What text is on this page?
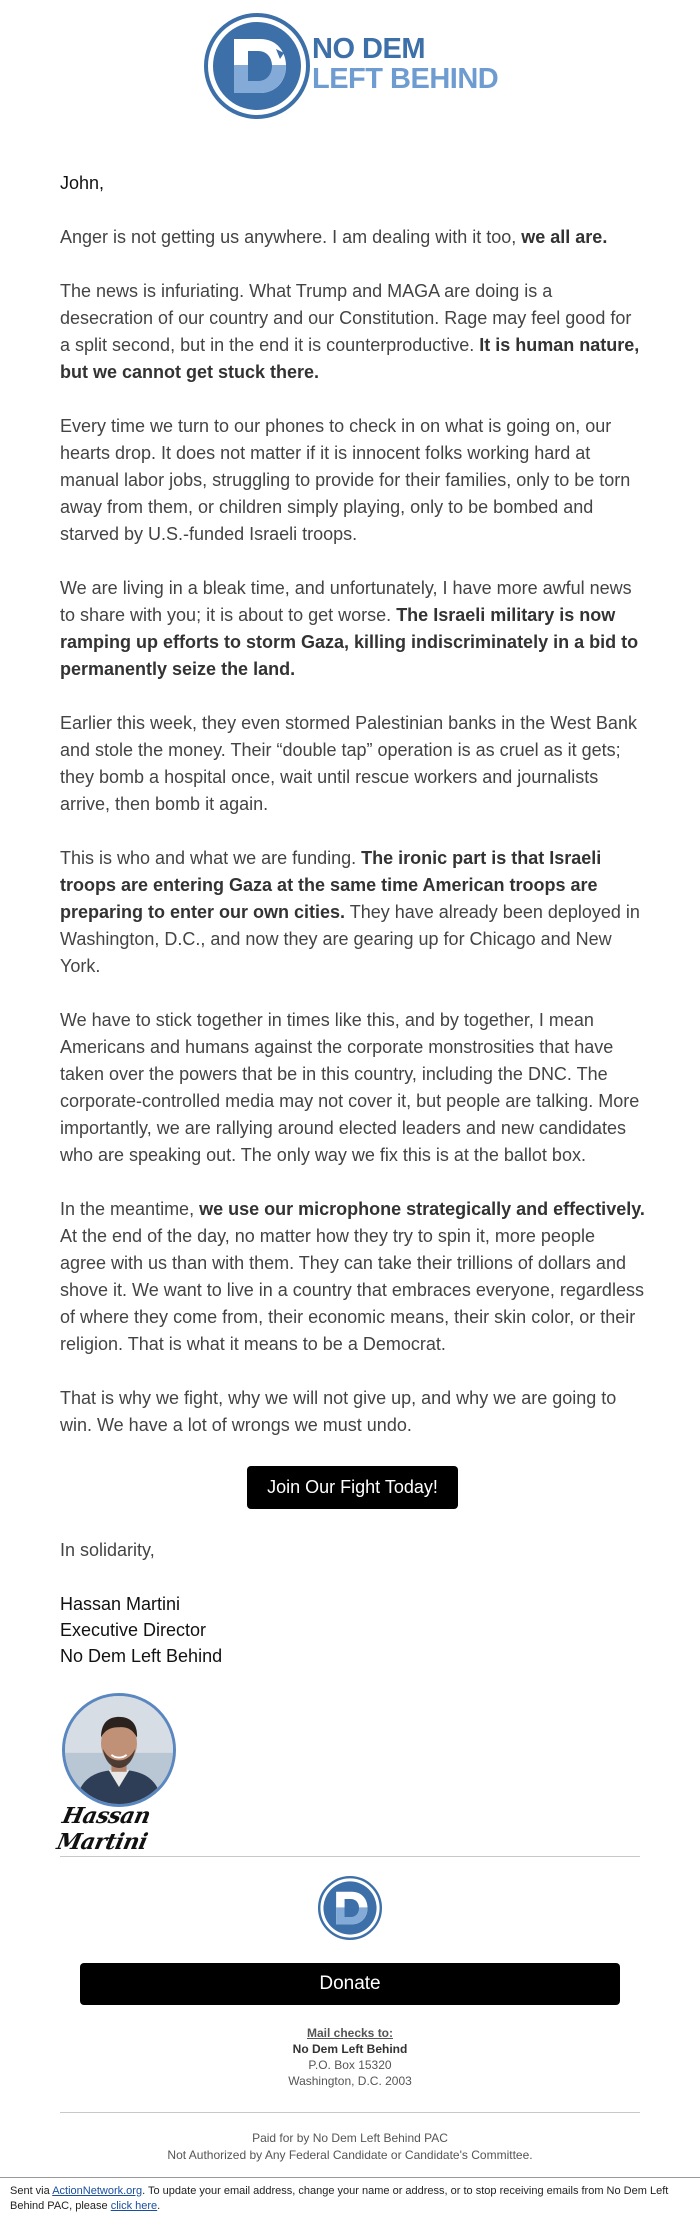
NO DEM
LEFT BEHIND

John,

Anger is not getting us anywhere. I am dealing with it too, we all are.

The news is infuriating. What Trump and MAGA are doing is a desecration of our country and our Constitution. Rage may feel good for a split second, but in the end it is counterproductive. It is human nature, but we cannot get stuck there.

Every time we turn to our phones to check in on what is going on, our hearts drop. It does not matter if it is innocent folks working hard at manual labor jobs, struggling to provide for their families, only to be torn away from them, or children simply playing, only to be bombed and starved by U.S.-funded Israeli troops.

We are living in a bleak time, and unfortunately, I have more awful news to share with you; it is about to get worse. The Israeli military is now ramping up efforts to storm Gaza, killing indiscriminately in a bid to permanently seize the land.

Earlier this week, they even stormed Palestinian banks in the West Bank and stole the money. Their “double tap” operation is as cruel as it gets; they bomb a hospital once, wait until rescue workers and journalists arrive, then bomb it again.

This is who and what we are funding. The ironic part is that Israeli troops are entering Gaza at the same time American troops are preparing to enter our own cities. They have already been deployed in Washington, D.C., and now they are gearing up for Chicago and New York.

We have to stick together in times like this, and by together, I mean Americans and humans against the corporate monstrosities that have taken over the powers that be in this country, including the DNC. The corporate-controlled media may not cover it, but people are talking. More importantly, we are rallying around elected leaders and new candidates who are speaking out. The only way we fix this is at the ballot box.

In the meantime, we use our microphone strategically and effectively. At the end of the day, no matter how they try to spin it, more people agree with us than with them. They can take their trillions of dollars and shove it. We want to live in a country that embraces everyone, regardless of where they come from, their economic means, their skin color, or their religion. That is what it means to be a Democrat.

That is why we fight, why we will not give up, and why we are going to win. We have a lot of wrongs we must undo.

Join Our Fight Today!

In solidarity,

Hassan Martini
Executive Director
No Dem Left Behind
Hassan Martini
Donate
Mail checks to:
No Dem Left Behind
P.O. Box 15320
Washington, D.C. 2003
Paid for by No Dem Left Behind PAC
Not Authorized by Any Federal Candidate or Candidate's Committee.
Sent via ActionNetwork.org. To update your email address, change your name or address, or to stop receiving emails from No Dem Left Behind PAC, please click here.
